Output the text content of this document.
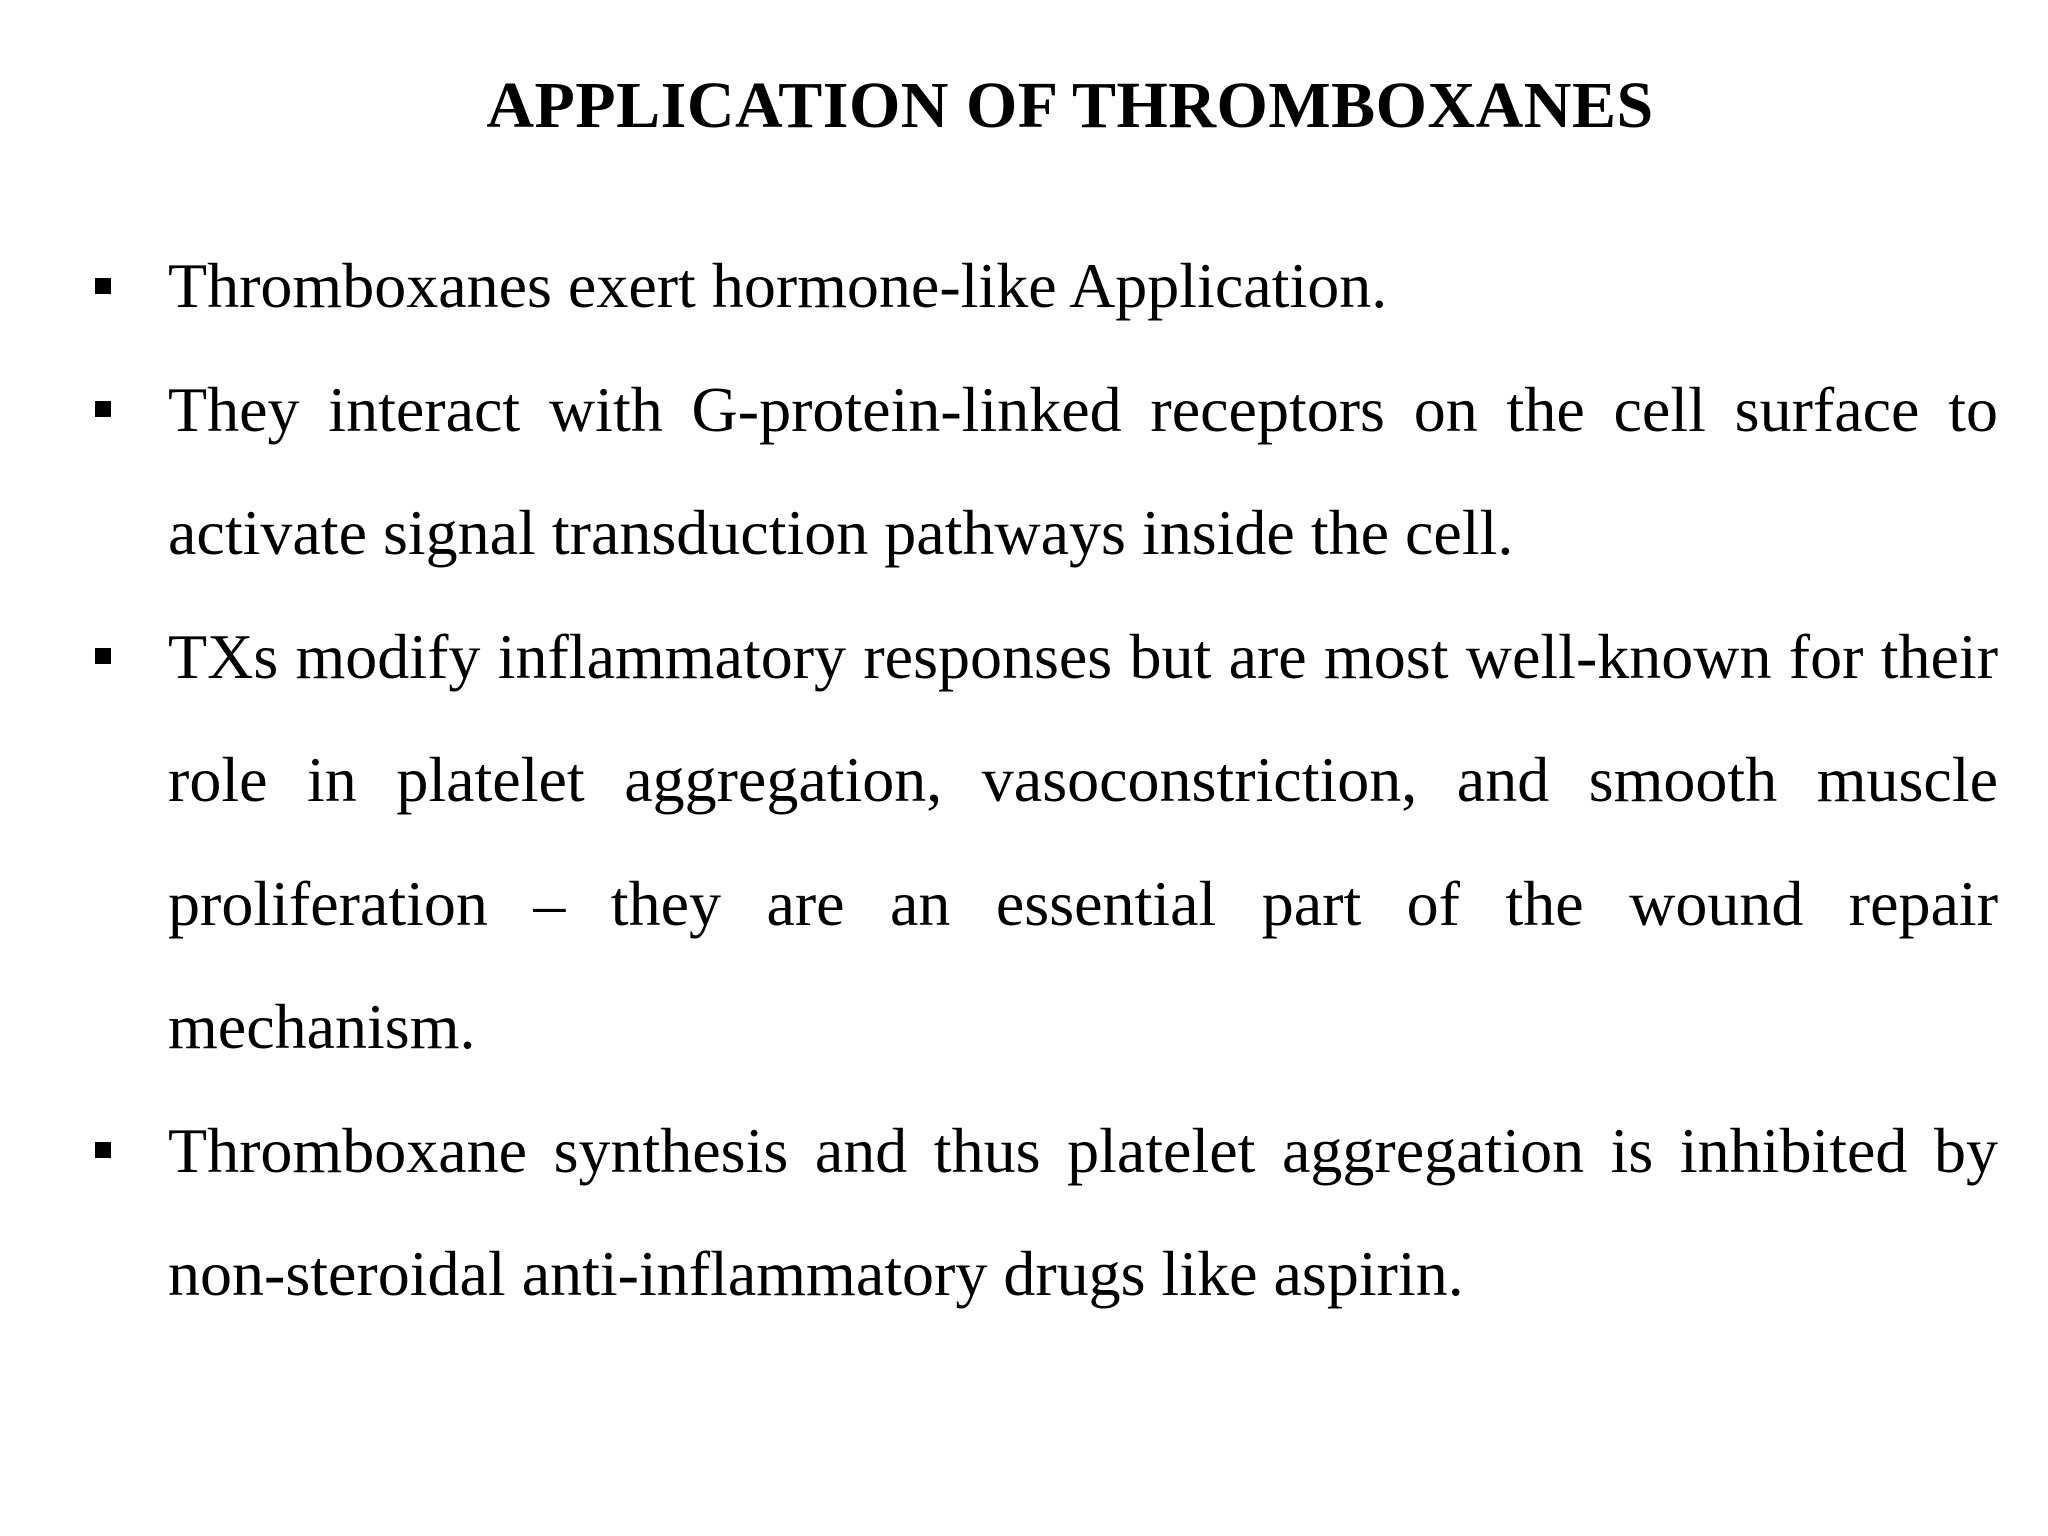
APPLICATION OF THROMBOXANES
Thromboxanes exert hormone-like Application.
They interact with G-protein-linked receptors on the cell surface to activate signal transduction pathways inside the cell.
TXs modify inflammatory responses but are most well-known for their role in platelet aggregation, vasoconstriction, and smooth muscle proliferation – they are an essential part of the wound repair mechanism.
Thromboxane synthesis and thus platelet aggregation is inhibited by non-steroidal anti-inflammatory drugs like aspirin.
